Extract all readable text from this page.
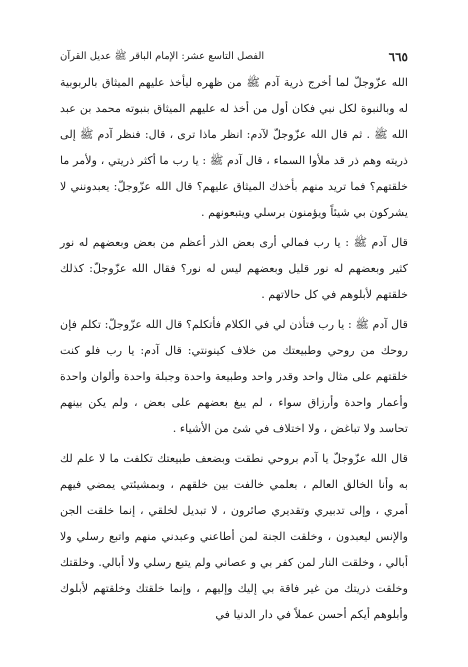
٦٦٥
الفصل التاسع عشر: الإمام الباقر ﷺ عديل القرآن

الله عزّوجلّ لما أخرج ذرية آدم ﷺ من ظهره ليأخذ عليهم الميثاق بالربوبية له وبالنبوة لكل نبي فكان أول من أخذ له عليهم الميثاق بنبوته محمد بن عبد الله ﷺ . ثم قال الله عزّوجلّ لآدم: انظر ماذا ترى ، قال: فنظر آدم ﷺ إلى ذريته وهم ذر قد ملأوا السماء ، قال آدم ﷺ : يا رب ما أكثر ذريتي ، ولأمر ما خلقتهم؟ فما تريد منهم بأخذك الميثاق عليهم؟ قال الله عزّوجلّ: يعبدونني لا يشركون بي شيئاً ويؤمنون برسلي ويتبعونهم .

قال آدم ﷺ : يا رب فمالي أرى بعض الذر أعظم من بعض وبعضهم له نور كثير وبعضهم له نور قليل وبعضهم ليس له نور؟ فقال الله عزّوجلّ: كذلك خلقتهم لأبلوهم في كل حالاتهم .

قال آدم ﷺ : يا رب فتأذن لي في الكلام فأتكلم؟ قال الله عزّوجلّ: تكلم فإن روحك من روحي وطبيعتك من خلاف كينونتي: قال آدم: يا رب فلو كنت خلقتهم على مثال واحد وقدر واحد وطبيعة واحدة وجبلة واحدة وألوان واحدة وأعمار واحدة وأرزاق سواء ، لم يبغ بعضهم على بعض ، ولم يكن بينهم تحاسد ولا تباغض ، ولا اختلاف في شئ من الأشياء .

قال الله عزّوجلّ يا آدم بروحي نطقت وبضعف طبيعتك تكلفت ما لا علم لك به وأنا الخالق العالم ، بعلمي خالفت بين خلقهم ، وبمشيئتي يمضي فيهم أمري ، وإلى تدبيري وتقديري صائرون ، لا تبديل لخلقي ، إنما خلقت الجن والإنس ليعبدون ، وخلقت الجنة لمن أطاعني وعبدني منهم واتبع رسلي ولا أبالي ، وخلقت النار لمن كفر بي و عصاني ولم يتبع رسلي ولا أبالي. وخلقتك وخلقت ذريتك من غير فاقة بي إليك وإليهم ، وإنما خلقتك وخلقتهم لأبلوك وأبلوهم أيكم أحسن عملاً في دار الدنيا في
